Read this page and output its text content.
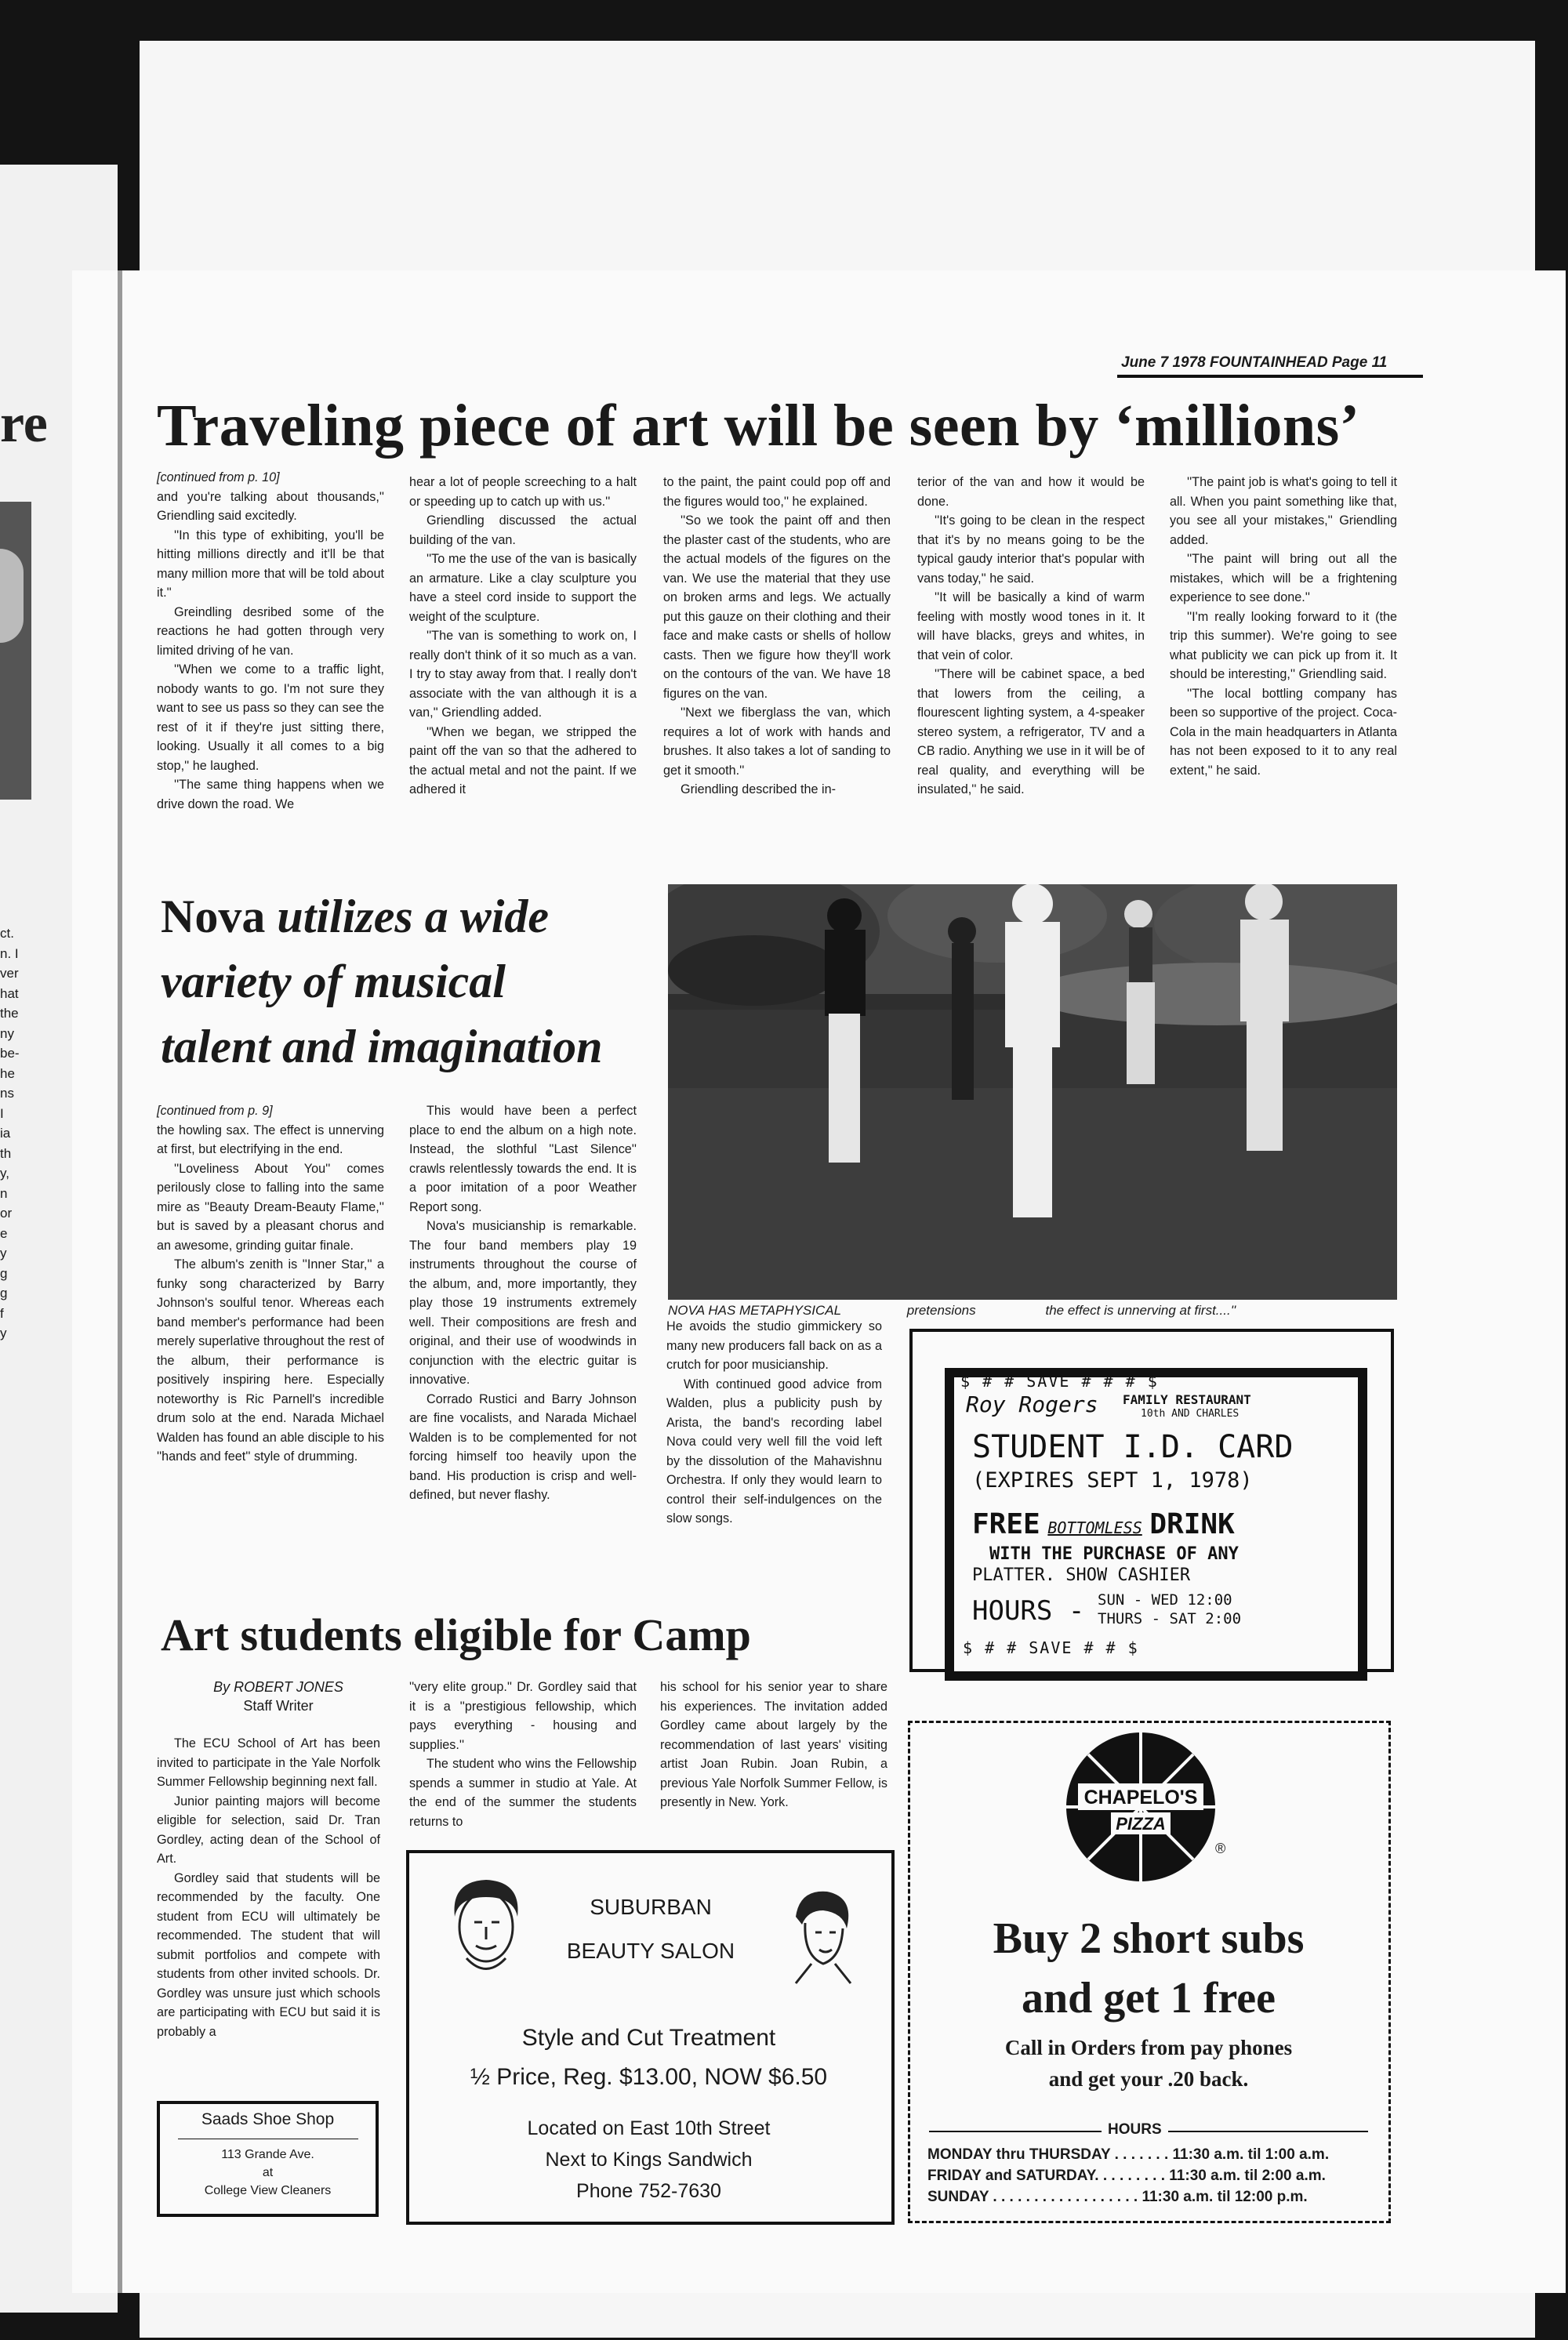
re
ct.
n. I
ver
hat
the
ny
be-
he
ns
I
ia
th
y,
n
or
e
y
g
g
f
y
June 7 1978 FOUNTAINHEAD Page 11
Traveling piece of art will be seen by ‘millions’

[continued from p. 10]

and you're talking about thousands,'' Griendling said excitedly.

''In this type of exhibiting, you'll be hitting millions directly and it'll be that many million more that will be told about it.''

Greindling desribed some of the reactions he had gotten through very limited driving of he van.

''When we come to a traffic light, nobody wants to go. I'm not sure they want to see us pass so they can see the rest of it if they're just sitting there, looking. Usually it all comes to a big stop,'' he laughed.

''The same thing happens when we drive down the road. We

hear a lot of people screeching to a halt or speeding up to catch up with us.''

Griendling discussed the actual building of the van.

''To me the use of the van is basically an armature. Like a clay sculpture you have a steel cord inside to support the weight of the sculpture.

''The van is something to work on, I really don't think of it so much as a van. I try to stay away from that. I really don't associate with the van although it is a van,'' Griendling added.

''When we began, we stripped the paint off the van so that the adhered to the actual metal and not the paint. If we adhered it

to the paint, the paint could pop off and the figures would too,'' he explained.

''So we took the paint off and then the plaster cast of the students, who are the actual models of the figures on the van. We use the material that they use on broken arms and legs. We actually put this gauze on their clothing and their face and make casts or shells of hollow casts. Then we figure how they'll work on the contours of the van. We have 18 figures on the van.

''Next we fiberglass the van, which requires a lot of work with hands and brushes. It also takes a lot of sanding to get it smooth.''

Griendling described the in-

terior of the van and how it would be done.

''It's going to be clean in the respect that it's by no means going to be the typical gaudy interior that's popular with vans today,'' he said.

''It will be basically a kind of warm feeling with mostly wood tones in it. It will have blacks, greys and whites, in that vein of color.

''There will be cabinet space, a bed that lowers from the ceiling, a flourescent lighting system, a 4-speaker stereo system, a refrigerator, TV and a CB radio. Anything we use in it will be of real quality, and everything will be insulated,'' he said.

''The paint job is what's going to tell it all. When you paint something like that, you see all your mistakes,'' Griendling added.

''The paint will bring out all the mistakes, which will be a frightening experience to see done.''

''I'm really looking forward to it (the trip this summer). We're going to see what publicity we can pick up from it. It should be interesting,'' Griendling said.

''The local bottling company has been so supportive of the project. Coca-Cola in the main headquarters in Atlanta has not been exposed to it to any real extent,'' he said.

Nova utilizes a wide
variety of musical
talent and imagination
NOVA HAS METAPHYSICAL	pretensions	the effect is unnerving at first....''

[continued from p. 9]

the howling sax. The effect is unnerving at first, but electrifying in the end.

''Loveliness About You'' comes perilously close to falling into the same mire as ''Beauty Dream-Beauty Flame,'' but is saved by a pleasant chorus and an awesome, grinding guitar finale.

The album's zenith is ''Inner Star,'' a funky song characterized by Barry Johnson's soulful tenor. Whereas each band member's performance had been merely superlative throughout the rest of the album, their performance is positively inspiring here. Especially noteworthy is Ric Parnell's incredible drum solo at the end. Narada Michael Walden has found an able disciple to his ''hands and feet'' style of drumming.

This would have been a perfect place to end the album on a high note. Instead, the slothful ''Last Silence'' crawls relentlessly towards the end. It is a poor imitation of a poor Weather Report song.

Nova's musicianship is remarkable. The four band members play 19 instruments throughout the course of the album, and, more importantly, they play those 19 instruments extremely well. Their compositions are fresh and original, and their use of woodwinds in conjunction with the electric guitar is innovative.

Corrado Rustici and Barry Johnson are fine vocalists, and Narada Michael Walden is to be complemented for not forcing himself too heavily upon the band. His production is crisp and well-defined, but never flashy.

He avoids the studio gimmickery so many new producers fall back on as a crutch for poor musicianship.

With continued good advice from Walden, plus a publicity push by Arista, the band's recording label Nova could very well fill the void left by the dissolution of the Mahavishnu Orchestra. If only they would learn to control their self-indulgences on the slow songs.

$ # # SAVE # # # $
Roy Rogers FAMILY RESTAURANT
10th AND CHARLES
STUDENT I.D. CARD
(EXPIRES SEPT 1, 1978)
FREE BOTTOMLESS DRINK
WITH THE PURCHASE OF ANY
PLATTER. SHOW CASHIER
HOURS - SUN - WED 12:00
THURS - SAT 2:00
$ # # SAVE # # $
Art students eligible for Camp
By ROBERT JONES
Staff Writer

The ECU School of Art has been invited to participate in the Yale Norfolk Summer Fellowship beginning next fall.

Junior painting majors will become eligible for selection, said Dr. Tran Gordley, acting dean of the School of Art.

Gordley said that students will be recommended by the faculty. One student from ECU will ultimately be recommended. The student that will submit portfolios and compete with students from other invited schools. Dr. Gordley was unsure just which schools are participating with ECU but said it is probably a

''very elite group.'' Dr. Gordley said that it is a ''prestigious fellowship, which pays everything - housing and supplies.''

The student who wins the Fellowship spends a summer in studio at Yale. At the end of the summer the students returns to

his school for his senior year to share his experiences. The invitation added Gordley came about largely by the recommendation of last years' visiting artist Joan Rubin. Joan Rubin, a previous Yale Norfolk Summer Fellow, is presently in New. York.	CHAPELO'S
PIZZA
®
Buy 2 short subs
and get 1 free
Call in Orders from pay phones
and get your .20 back.
HOURS
MONDAY thru THURSDAY . . . . . . . 11:30 a.m. til 1:00 a.m.
FRIDAY and SATURDAY. . . . . . . . . 11:30 a.m. til 2:00 a.m.
SUNDAY . . . . . . . . . . . . . . . . . . 11:30 a.m. til 12:00 p.m.
SUBURBAN
BEAUTY SALON
Style and Cut Treatment
½ Price, Reg. $13.00, NOW $6.50
Located on East 10th Street
Next to Kings Sandwich
Phone 752-7630
Saads Shoe Shop
113 Grande Ave.
at
College View Cleaners
